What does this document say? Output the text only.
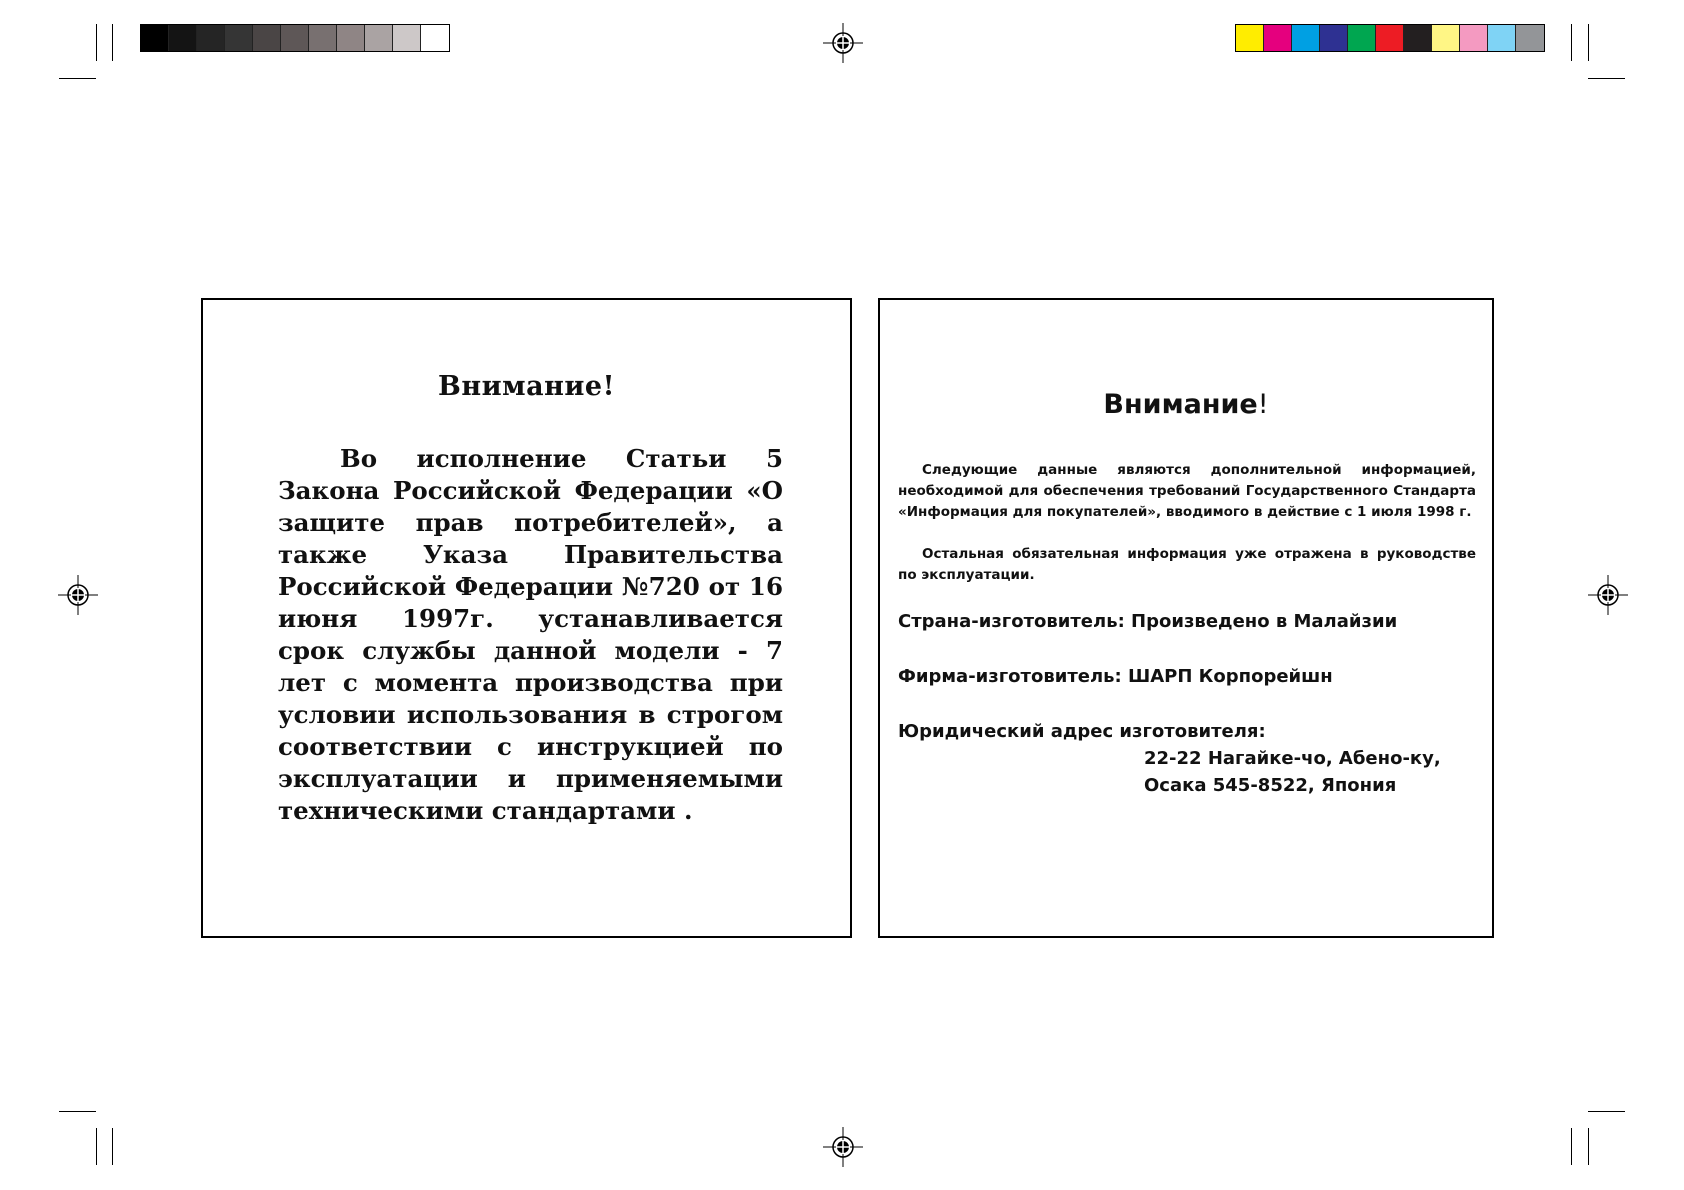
Внимание!
Во исполнение Статьи 5 Закона Российской Федерации «О защите прав потребителей», а также Указа Правительства Российской Федерации №720 от 16 июня 1997г. устанавливается срок службы данной модели - 7 лет с момента производства при условии использования в строгом соответствии с инструкцией по эксплуатации и применяемыми техническими стандартами .
Внимание!
Следующие данные являются дополнительной информацией, необходимой для обеспечения требований Государственного Стандарта «Информация для покупателей», вводимого в действие с 1 июля 1998 г.
Остальная обязательная информация уже отражена в руководстве по эксплуатации.
Страна-изготовитель: Произведено в Малайзии
Фирма-изготовитель: ШАРП Корпорейшн
Юридический адрес изготовителя:
22-22 Нагайке-чо, Абено-ку,
Осака 545-8522, Япония
